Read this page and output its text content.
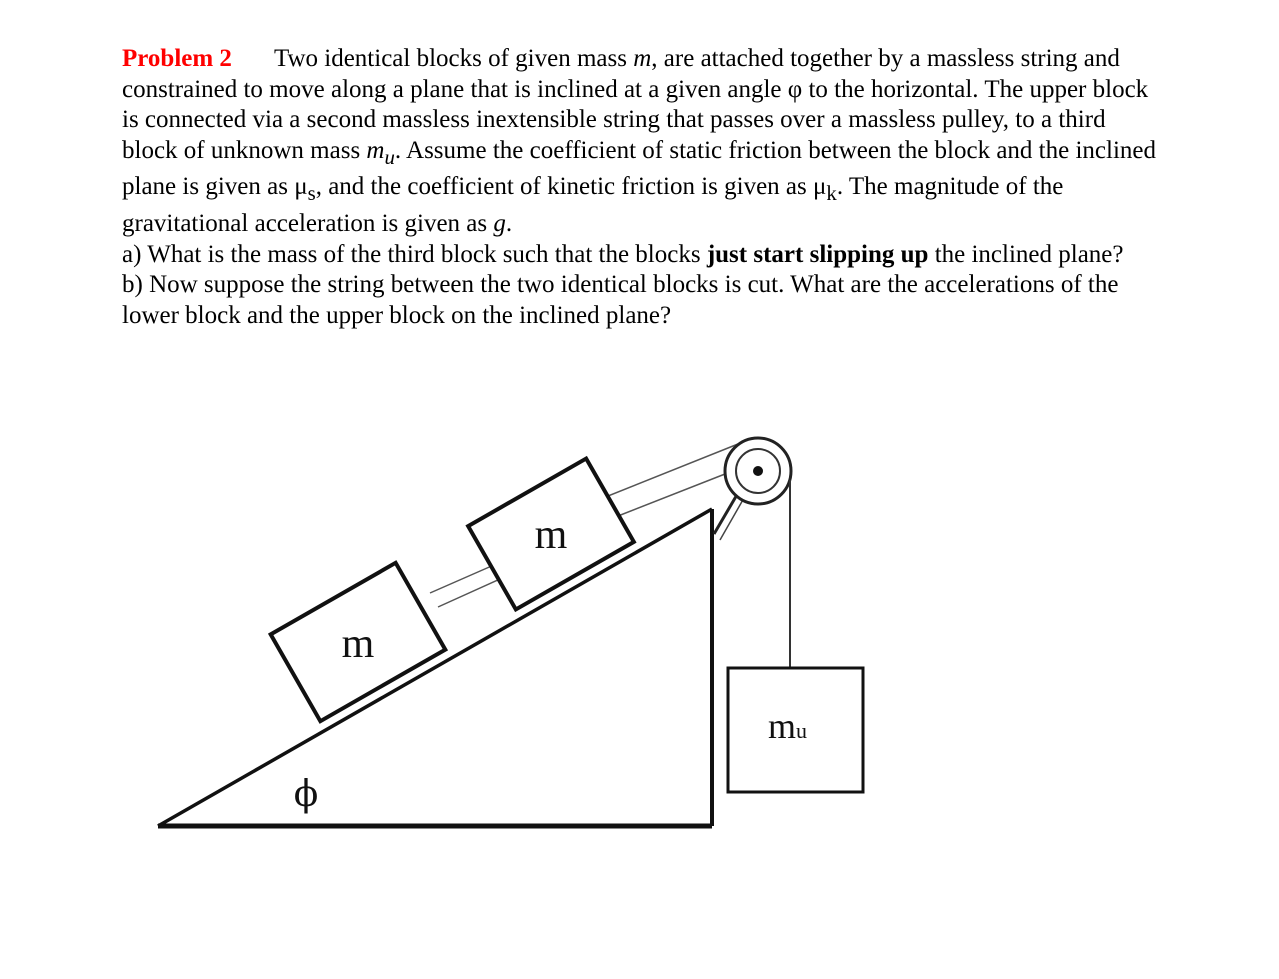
Problem 2 Two identical blocks of given mass m, are attached together by a massless string and constrained to move along a plane that is inclined at a given angle φ to the horizontal. The upper block is connected via a second massless inextensible string that passes over a massless pulley, to a third block of unknown mass $m_u$. Assume the coefficient of static friction between the block and the inclined plane is given as $\mu_s$, and the coefficient of kinetic friction is given as $\mu_k$. The magnitude of the gravitational acceleration is given as g.

a) What is the mass of the third block such that the blocks just start slipping up the inclined plane?

b) Now suppose the string between the two identical blocks is cut. What are the accelerations of the lower block and the upper block on the inclined plane?

m
m
mu
ϕ
